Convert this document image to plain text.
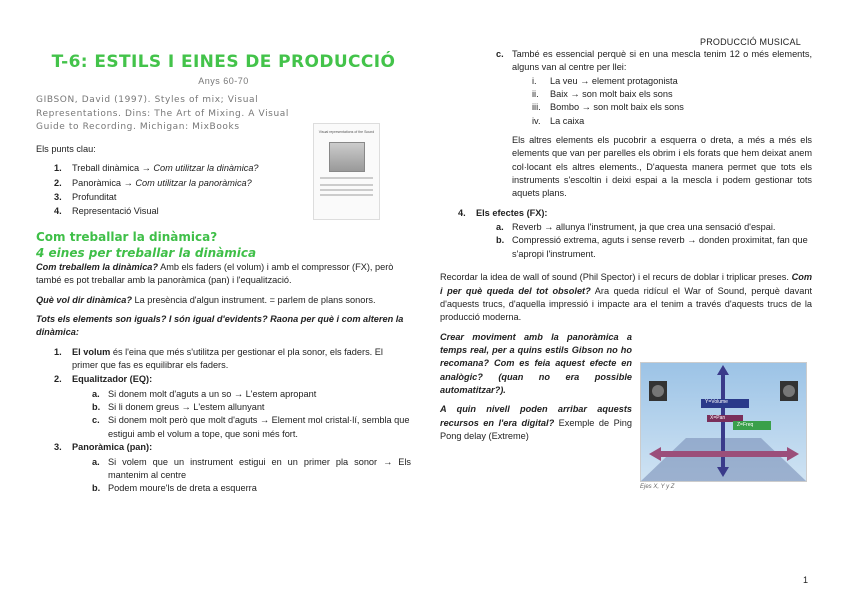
PRODUCCIÓ MUSICAL
1
T-6: ESTILS I EINES DE PRODUCCIÓ
Anys 60-70
GIBSON, David (1997). Styles of mix; Visual Representations. Dins: The Art of Mixing. A Visual Guide to Recording. Michigan: MixBooks

Els punts clau:

1. Treball dinàmica → Com utilitzar la dinàmica?
2. Panoràmica → Com utilitzar la panoràmica?
3. Profunditat
4. Representació Visual
Com treballar la dinàmica?
4 eines per treballar la dinàmica

Com treballem la dinàmica? Amb els faders (el volum) i amb el compressor (FX), però també es pot treballar amb la panoràmica (pan) i l'equalització.

Què vol dir dinàmica? La presència d'algun instrument. = parlem de plans sonors.

Tots els elements son iguals? I són igual d'evidents? Raona per què i com alteren la dinàmica:

1. El volum és l'eina que més s'utilitza per gestionar el pla sonor, els faders. El primer que fas es equilibrar els faders.
2. Equalitzador (EQ):
a. Si donem molt d'aguts a un so → L'estem apropant
b. Si li donem greus → L'estem allunyant
c. Si donem molt però que molt d'aguts → Element mol cristal·lí, sembla que estigui amb el volum a tope, que soni més fort.
3. Panoràmica (pan):
a. Si volem que un instrument estigui en un primer pla sonor → Els mantenim al centre
b. Podem moure'ls de dreta a esquerra
Visual representations of the Sound
c. També es essencial perquè si en una mescla tenim 12 o més elements, alguns van al centre per llei:
i. La veu → element protagonista
ii. Baix → son molt baix els sons
iii. Bombo → son molt baix els sons
iv. La caixa

Els altres elements els pucobrir a esquerra o dreta, a més a més els elements que van per parelles els obrim i els forats que hem deixat anem col·locant els altres elements., D'aquesta manera permet que tots els instruments s'escoltin i deixi espai a la mescla i podem gestionar tots aquets plans.

4. Els efectes (FX):
a. Reverb → allunya l'instrument, ja que crea una sensació d'espai.
b. Compressió extrema, aguts i sense reverb → donden proximitat, fan que s'apropi l'instrument.

Recordar la idea de wall of sound (Phil Spector) i el recurs de doblar i triplicar preses. Com i per què queda del tot obsolet? Ara queda ridícul el War of Sound, perquè davant d'aquests trucs, d'aquella impressió i impacte ara el tenim a través d'aquests trucs de la producció moderna.

Crear moviment amb la panoràmica a temps real, per a quins estils Gibson no ho recomana? Com es feia aquest efecte en analògic? (quan no era possible automatitzar?).

A quin nivell poden arribar aquests recursos en l'era digital? Exemple de Ping Pong delay (Extreme)

Y=Volume
X=Pan
Z=Freq
Ejes X, Y y Z
